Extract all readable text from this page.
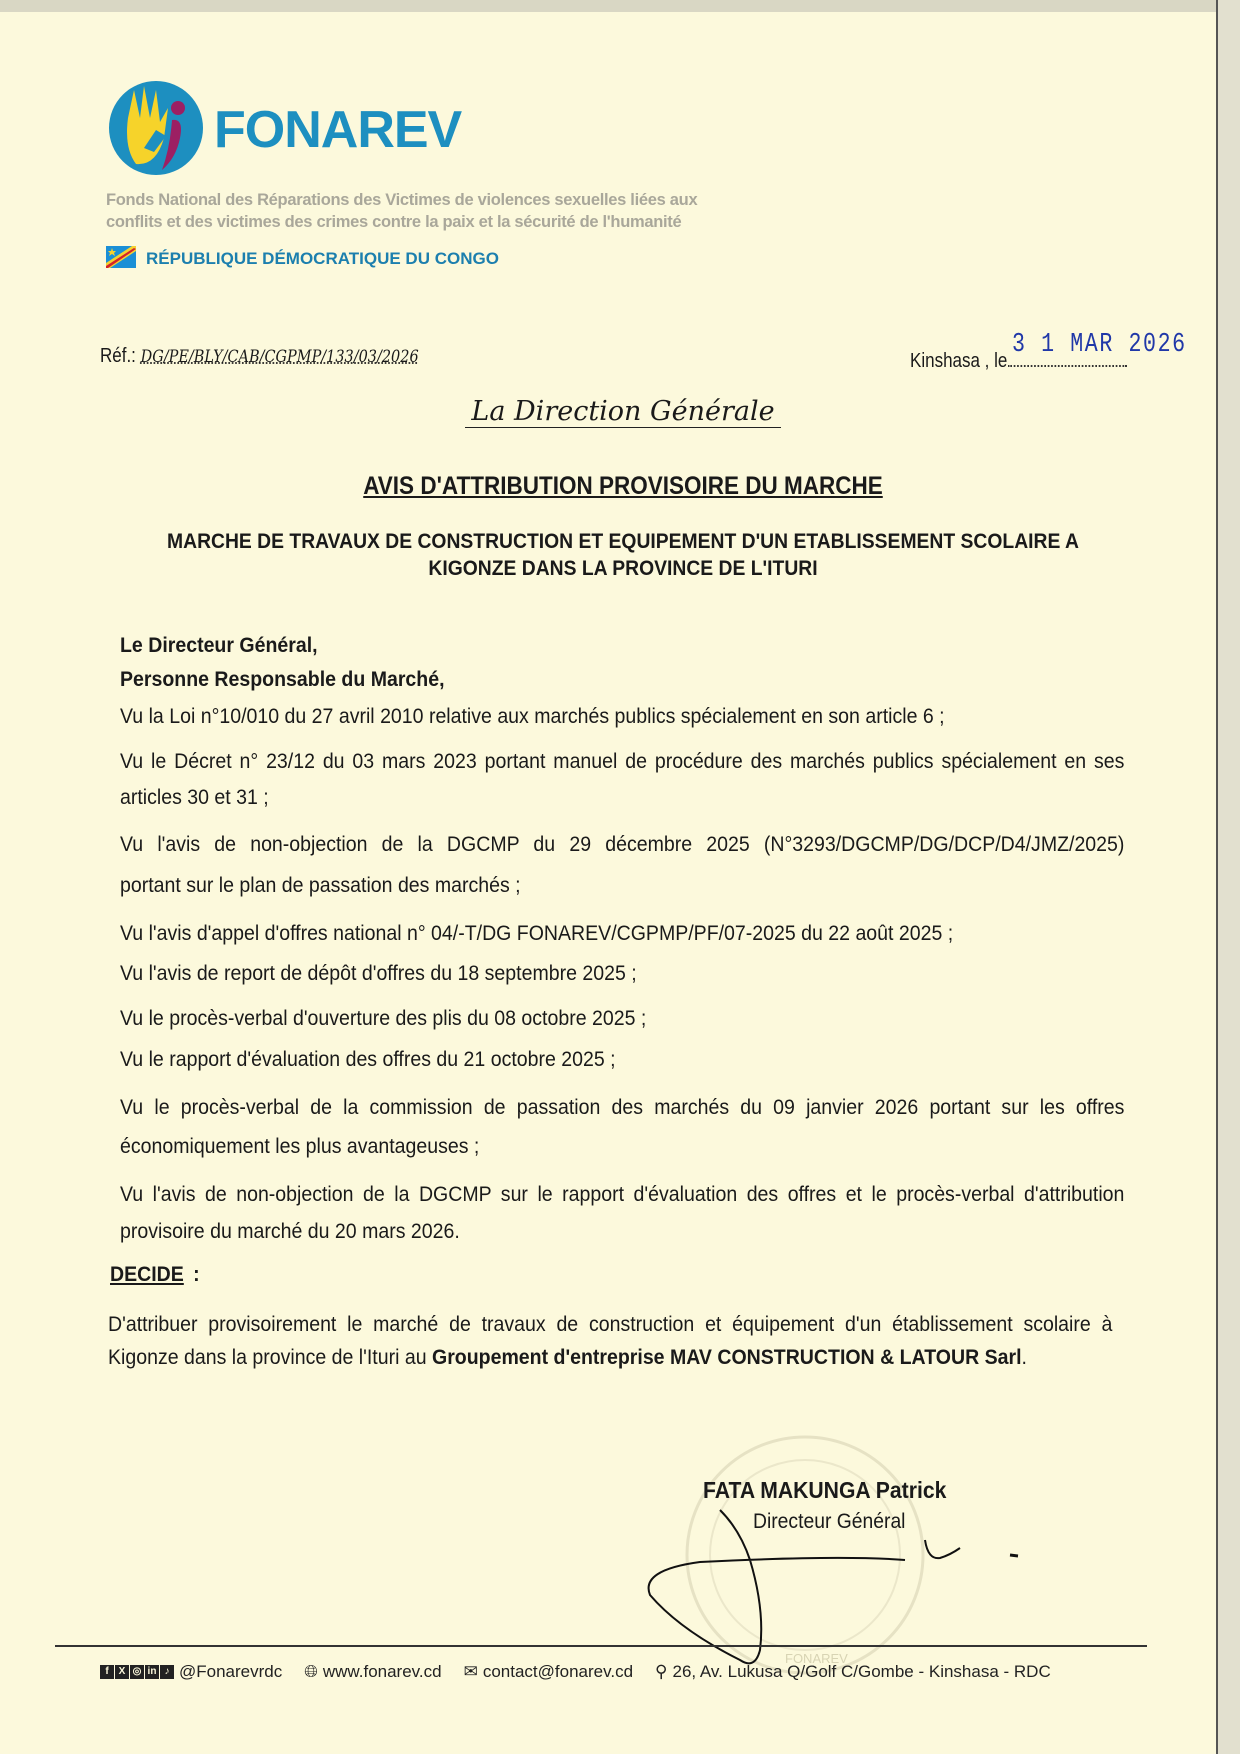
FONAREV
Fonds National des Réparations des Victimes de violences sexuelles liées aux
conflits et des victimes des crimes contre la paix et la sécurité de l'humanité
RÉPUBLIQUE DÉMOCRATIQUE DU CONGO
Réf.: DG/PE/BLY/CAB/CGPMP/133/03/2026	Kinshasa , le
3 1 MAR 2026
La Direction Générale
AVIS D'ATTRIBUTION PROVISOIRE DU MARCHE
MARCHE DE TRAVAUX DE CONSTRUCTION ET EQUIPEMENT D'UN ETABLISSEMENT SCOLAIRE A
KIGONZE DANS LA PROVINCE DE L'ITURI
Le Directeur Général,
Personne Responsable du Marché,
Vu la Loi n°10/010 du 27 avril 2010 relative aux marchés publics spécialement en son article 6 ;
Vu le Décret n° 23/12 du 03 mars 2023 portant manuel de procédure des marchés publics spécialement en ses
articles 30 et 31 ;
Vu l'avis de non-objection de la DGCMP du 29 décembre 2025 (N°3293/DGCMP/DG/DCP/D4/JMZ/2025)
portant sur le plan de passation des marchés ;
Vu l'avis d'appel d'offres national n° 04/-T/DG FONAREV/CGPMP/PF/07-2025 du 22 août 2025 ;
Vu l'avis de report de dépôt d'offres du 18 septembre 2025 ;
Vu le procès-verbal d'ouverture des plis du 08 octobre 2025 ;
Vu le rapport d'évaluation des offres du 21 octobre 2025 ;
Vu le procès-verbal de la commission de passation des marchés du 09 janvier 2026 portant sur les offres
économiquement les plus avantageuses ;
Vu l'avis de non-objection de la DGCMP sur le rapport d'évaluation des offres et le procès-verbal d'attribution
provisoire du marché du 20 mars 2026.
DECIDE :
D'attribuer provisoirement le marché de travaux de construction et équipement d'un établissement scolaire à
Kigonze dans la province de l'Ituri au Groupement d'entreprise MAV CONSTRUCTION & LATOUR Sarl.
FONAREV
FATA MAKUNGA Patrick
Directeur Général
f X ◎ in ♪ @Fonarevrdc 🌐︎ www.fonarev.cd ✉︎ contact@fonarev.cd ⚲ 26, Av. Lukusa Q/Golf C/Gombe - Kinshasa - RDC
